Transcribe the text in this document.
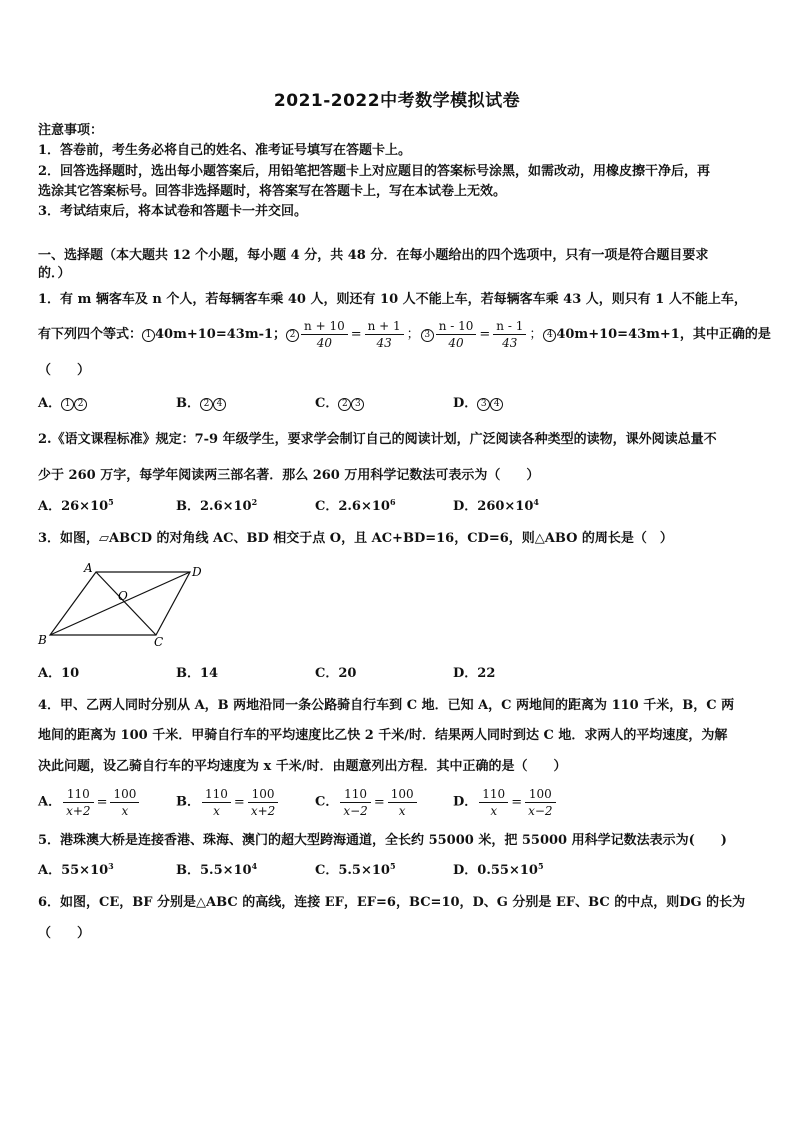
2021-2022中考数学模拟试卷
注意事项：
1．答卷前，考生务必将自己的姓名、准考证号填写在答题卡上。
2．回答选择题时，选出每小题答案后，用铅笔把答题卡上对应题目的答案标号涂黑，如需改动，用橡皮擦干净后，再
选涂其它答案标号。回答非选择题时，将答案写在答题卡上，写在本试卷上无效。
3．考试结束后，将本试卷和答题卡一并交回。
一、选择题（本大题共 12 个小题，每小题 4 分，共 48 分．在每小题给出的四个选项中，只有一项是符合题目要求
的．）
1．有 m 辆客车及 n 个人，若每辆客车乘 40 人，则还有 10 人不能上车，若每辆客车乘 43 人，则只有 1 人不能上车，
有下列四个等式： 1 40m+10=43m-1； $2 \frac{n + 10}{40} = \frac{n + 1}{43}$ ； $3 \frac{n - 10}{40} = \frac{n - 1}{43}$ ； 4 40m+10=43m+1，其中正确的是
（　　）
A． 1 2	B． 2 4	C． 2 3	D． 3 4
2.《语文课程标准》规定：7-9 年级学生，要求学会制订自己的阅读计划，广泛阅读各种类型的读物，课外阅读总量不
少于 260 万字，每学年阅读两三部名著．那么 260 万用科学记数法可表示为（　　）
A．$26\times 10^5$	B．$2.6\times 10^2$	C．$2.6\times 10^6$	D．$260\times 10^4$
3．如图，▱ABCD 的对角线 AC、BD 相交于点 O，且 AC+BD=16，CD=6，则△ABO 的周长是（　）
A	D
B	C
O
A．10	B．14	C．20	D．22
4．甲、乙两人同时分别从 A，B 两地沿同一条公路骑自行车到 C 地．已知 A，C 两地间的距离为 110 千米，B，C 两
地间的距离为 100 千米．甲骑自行车的平均速度比乙快 2 千米/时．结果两人同时到达 C 地．求两人的平均速度，为解
决此问题，设乙骑自行车的平均速度为 x 千米/时．由题意列出方程．其中正确的是（　　）
A． $\frac{110}{x+2} = \frac{100}{x}$	B． $\frac{110}{x} = \frac{100}{x+2}$	C． $\frac{110}{x-2} = \frac{100}{x}$	D． $\frac{110}{x} = \frac{100}{x-2}$
5．港珠澳大桥是连接香港、珠海、澳门的超大型跨海通道，全长约 55000 米，把 55000 用科学记数法表示为(　　)
A．$55\times 10^3$	B．$5.5\times 10^4$	C．$5.5\times 10^5$	D．$0.55\times 10^5$
6．如图，CE，BF 分别是△ABC 的高线，连接 EF，EF=6，BC=10，D、G 分别是 EF、BC 的中点，则DG 的长为
（　　）
